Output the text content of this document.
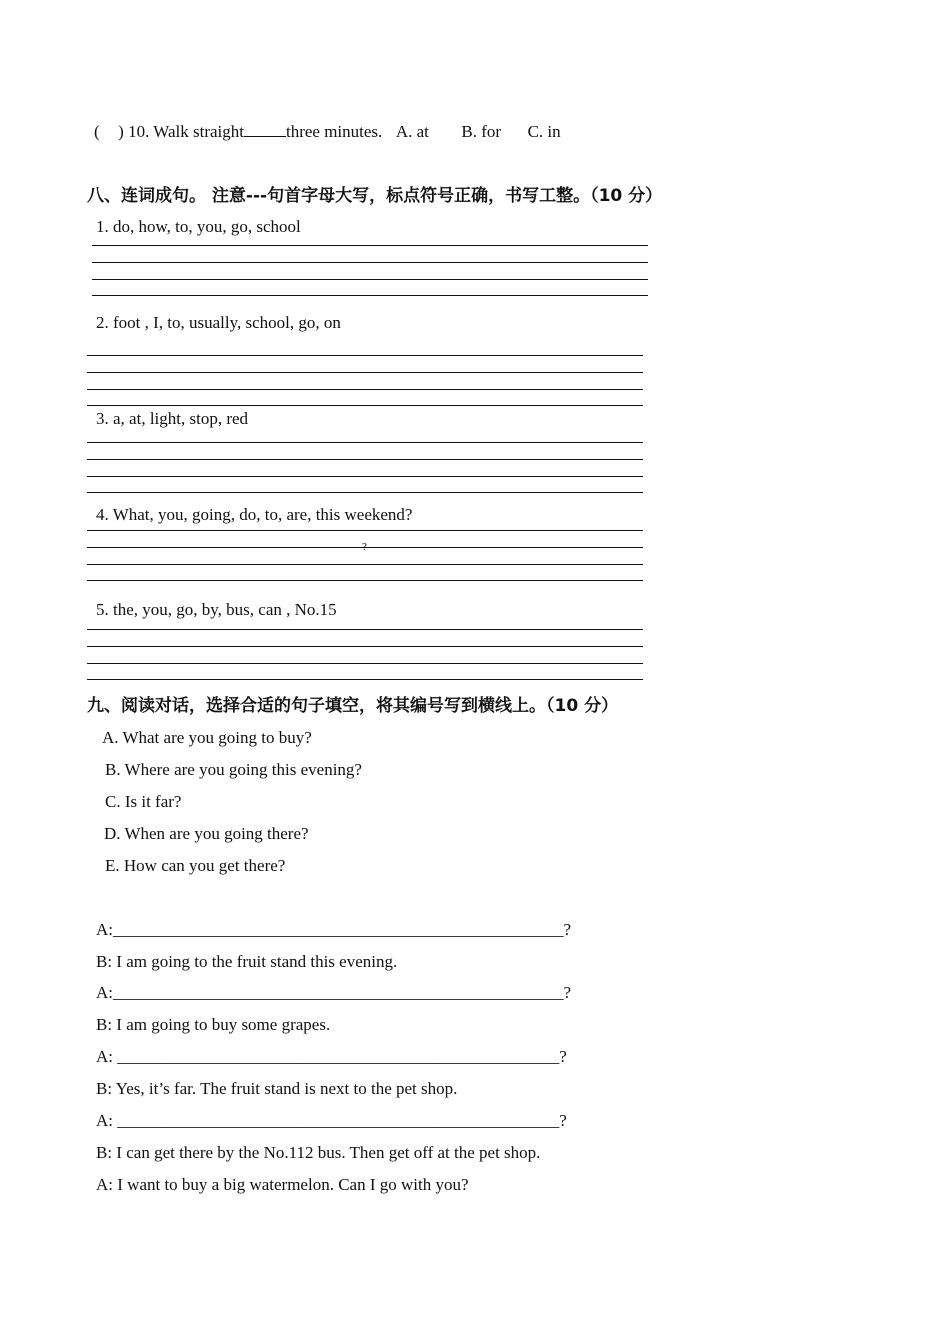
( ) 10. Walk straight three minutes. A. at B. for C. in
八、连词成句。 注意---句首字母大写，标点符号正确，书写工整。（10 分）
1. do, how, to, you, go, school
2. foot , I, to, usually, school, go, on
3. a, at, light, stop, red
4. What, you, going, do, to, are, this weekend?
?
5. the, you, go, by, bus, can , No.15
九、阅读对话，选择合适的句子填空，将其编号写到横线上。（10 分）
A. What are you going to buy?
B. Where are you going this evening?
C. Is it far?
D. When are you going there?
E. How can you get there?
A:_____________________________________________________?
B: I am going to the fruit stand this evening.
A:_____________________________________________________?
B: I am going to buy some grapes.
A: ____________________________________________________?
B: Yes, it’s far. The fruit stand is next to the pet shop.
A: ____________________________________________________?
B: I can get there by the No.112 bus. Then get off at the pet shop.
A: I want to buy a big watermelon. Can I go with you?
